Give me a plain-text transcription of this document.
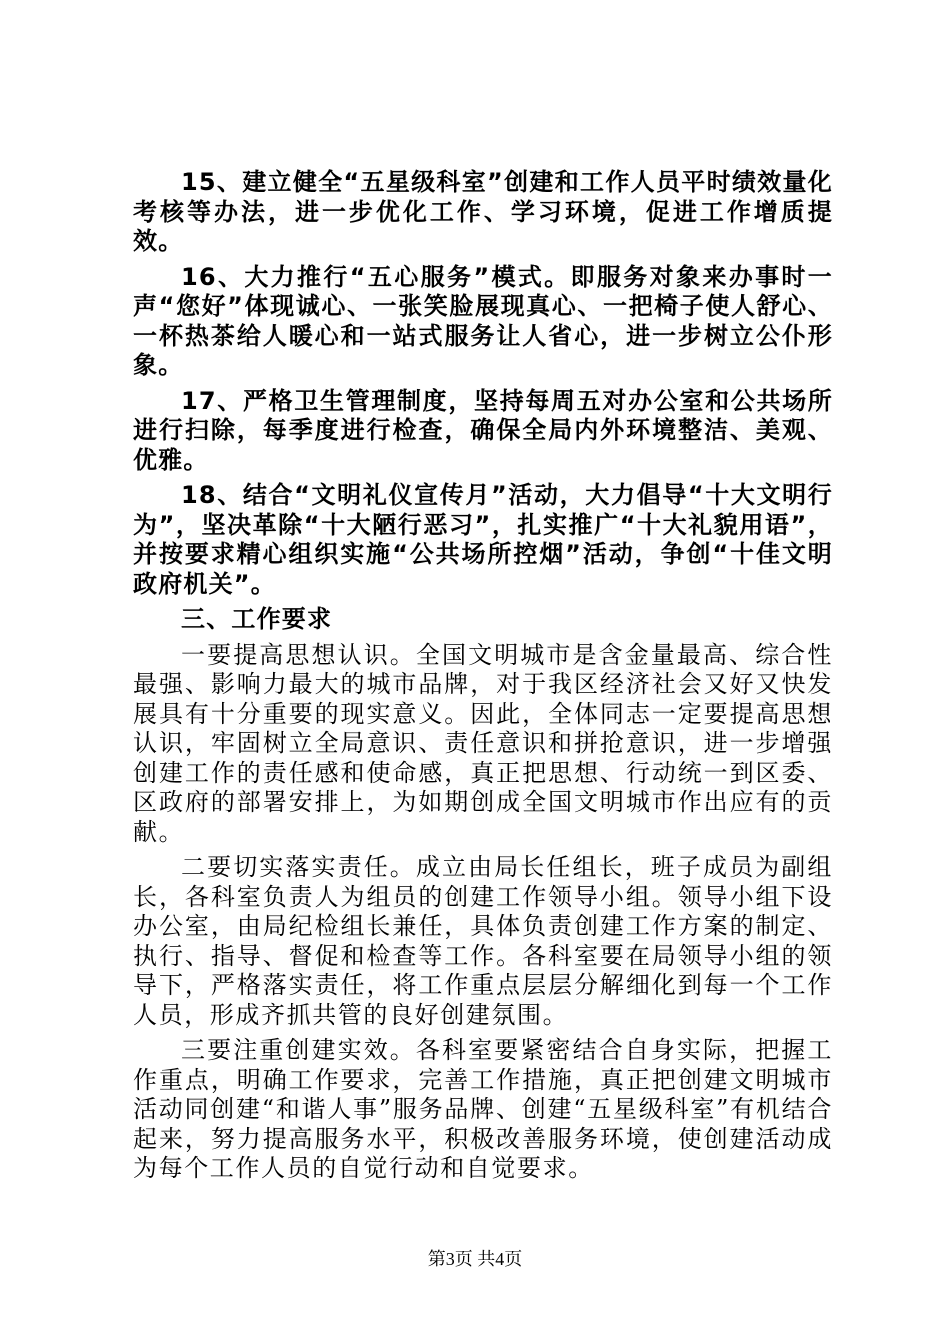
15、建立健全“五星级科室”创建和工作人员平时绩效量化考核等办法，进一步优化工作、学习环境，促进工作增质提效。

16、大力推行“五心服务”模式。即服务对象来办事时一声“您好”体现诚心、一张笑脸展现真心、一把椅子使人舒心、一杯热茶给人暖心和一站式服务让人省心，进一步树立公仆形象。

17、严格卫生管理制度，坚持每周五对办公室和公共场所进行扫除，每季度进行检查，确保全局内外环境整洁、美观、优雅。

18、结合“文明礼仪宣传月”活动，大力倡导“十大文明行为”，坚决革除“十大陋行恶习”，扎实推广“十大礼貌用语”，并按要求精心组织实施“公共场所控烟”活动，争创“十佳文明政府机关”。

三、工作要求

一要提高思想认识。全国文明城市是含金量最高、综合性最强、影响力最大的城市品牌，对于我区经济社会又好又快发展具有十分重要的现实意义。因此，全体同志一定要提高思想认识，牢固树立全局意识、责任意识和拼抢意识，进一步增强创建工作的责任感和使命感，真正把思想、行动统一到区委、区政府的部署安排上，为如期创成全国文明城市作出应有的贡献。

二要切实落实责任。成立由局长任组长，班子成员为副组长，各科室负责人为组员的创建工作领导小组。领导小组下设办公室，由局纪检组长兼任，具体负责创建工作方案的制定、执行、指导、督促和检查等工作。各科室要在局领导小组的领导下，严格落实责任，将工作重点层层分解细化到每一个工作人员，形成齐抓共管的良好创建氛围。

三要注重创建实效。各科室要紧密结合自身实际，把握工作重点，明确工作要求，完善工作措施，真正把创建文明城市活动同创建“和谐人事”服务品牌、创建“五星级科室”有机结合起来，努力提高服务水平，积极改善服务环境，使创建活动成为每个工作人员的自觉行动和自觉要求。

第3页 共4页
